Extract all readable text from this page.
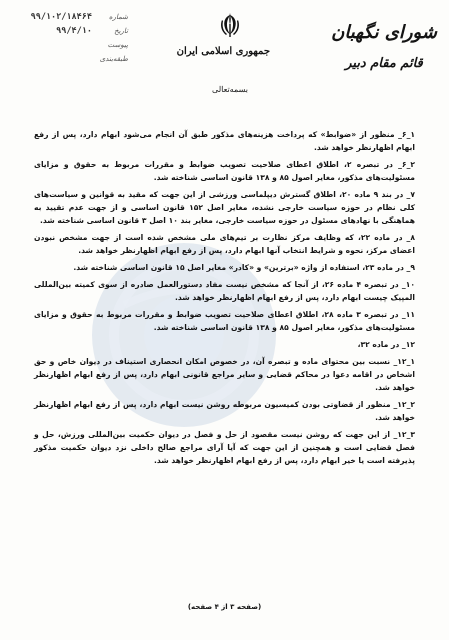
شماره
۹۹/۱۰۲/۱۸۴۶۴
تاریخ
۹۹/۴/۱۰
پیوست
طبقه‌بندی
جمهوری اسلامی ایران
بسمه‌تعالی
شورای نگهبان
قائم مقام دبیر

۱_۶_ منظور از «ضوابط» که پرداخت هزینه‌های مذکور طبق آن انجام می‌شود ابهام دارد، پس از رفع ابهام اظهارنظر خواهد شد.

۲_۶_ در تبصره ۲، اطلاق اعطای صلاحیت تصویب ضوابط و مقررات مربوط به حقوق و مزایای مسئولیت‌های مذکور، مغایر اصول ۸۵ و ۱۳۸ قانون اساسی شناخته شد.

۷_ در بند ۹ ماده ۲۰، اطلاق گسترش دیپلماسی ورزشی از این جهت که مقید به قوانین و سیاست‌های کلی نظام در حوزه سیاست خارجی نشده، مغایر اصل ۱۵۲ قانون اساسی و از جهت عدم تقیید به هماهنگی با نهادهای مسئول در حوزه سیاست خارجی، مغایر بند ۱۰ اصل ۳ قانون اساسی شناخته شد.

۸_ در ماده ۲۲، که وظایف مرکز نظارت بر تیم‌های ملی مشخص شده است از جهت مشخص نبودن اعضای مرکز، نحوه و شرایط انتخاب آنها ابهام دارد، پس از رفع ابهام اظهارنظر خواهد شد.

۹_ در ماده ۲۳، استفاده از واژه «برترین» و «کادر» مغایر اصل ۱۵ قانون اساسی شناخته شد.

۱۰_ در تبصره ۴ ماده ۲۶، از آنجا که مشخص نیست مفاد دستورالعمل صادره از سوی کمیته بین‌المللی المپیک چیست ابهام دارد، پس از رفع ابهام اظهارنظر خواهد شد.

۱۱_ در تبصره ۳ ماده ۲۸، اطلاق اعطای صلاحیت تصویب ضوابط و مقررات مربوط به حقوق و مزایای مسئولیت‌های مذکور، مغایر اصول ۸۵ و ۱۳۸ قانون اساسی شناخته شد.

۱۲_ در ماده ۳۲،

۱_۱۲_ نسبت بین محتوای ماده و تبصره آن، در خصوص امکان انحصاری استیناف در دیوان خاص و حق اشخاص در اقامه دعوا در محاکم قضایی و سایر مراجع قانونی ابهام دارد، پس از رفع ابهام اظهارنظر خواهد شد.

۲_۱۲_ منظور از قضاوتی بودن کمیسیون مربوطه روشن نیست ابهام دارد، پس از رفع ابهام اظهارنظر خواهد شد.

۳_۱۲_ از این جهت که روشن نیست مقصود از حل و فصل در دیوان حکمیت بین‌المللی ورزش، حل و فصل قضایی است و همچنین از این جهت که آیا آرای مراجع صالح داخلی نزد دیوان حکمیت مذکور پذیرفته است یا خیر ابهام دارد، پس از رفع ابهام اظهارنظر خواهد شد.

(صفحه ۳ از ۴ صفحه)
